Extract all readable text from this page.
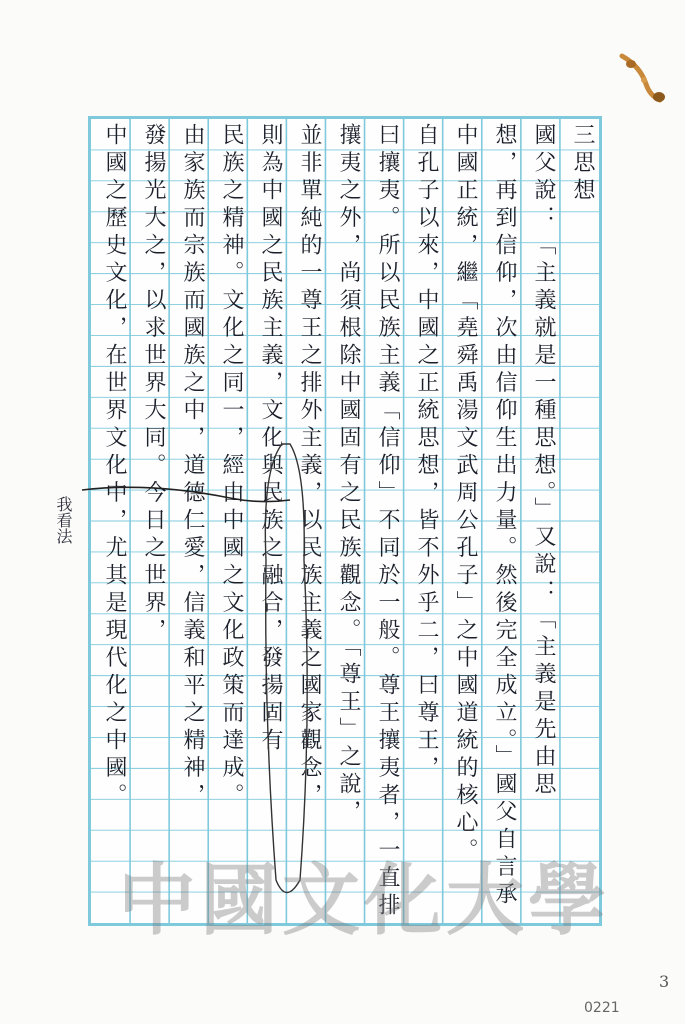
三思想
國父說：「主義就是一種思想。」又說：「主義是先由思
想，再到信仰，次由信仰生出力量。然後完全成立。」國父自言承
中國正統，繼「堯舜禹湯文武周公孔子」之中國道統的核心。
自孔子以來，中國之正統思想，皆不外乎二，曰尊王，
曰攘夷。所以民族主義「信仰」不同於一般。尊王攘夷者，一直排
攘夷之外，尚須根除中國固有之民族觀念。「尊王」之說，
並非單純的一尊王之排外主義，以民族主義之國家觀念，
則為中國之民族主義，文化與民族之融合，發揚固有
民族之精神。文化之同一，經由中國之文化政策而達成。
由家族而宗族而國族之中，道德仁愛，信義和平之精神，
發揚光大之，以求世界大同。今日之世界，
中國之歷史文化，在世界文化中，尤其是現代化之中國。
我看法
中國文化大學
3
0221
